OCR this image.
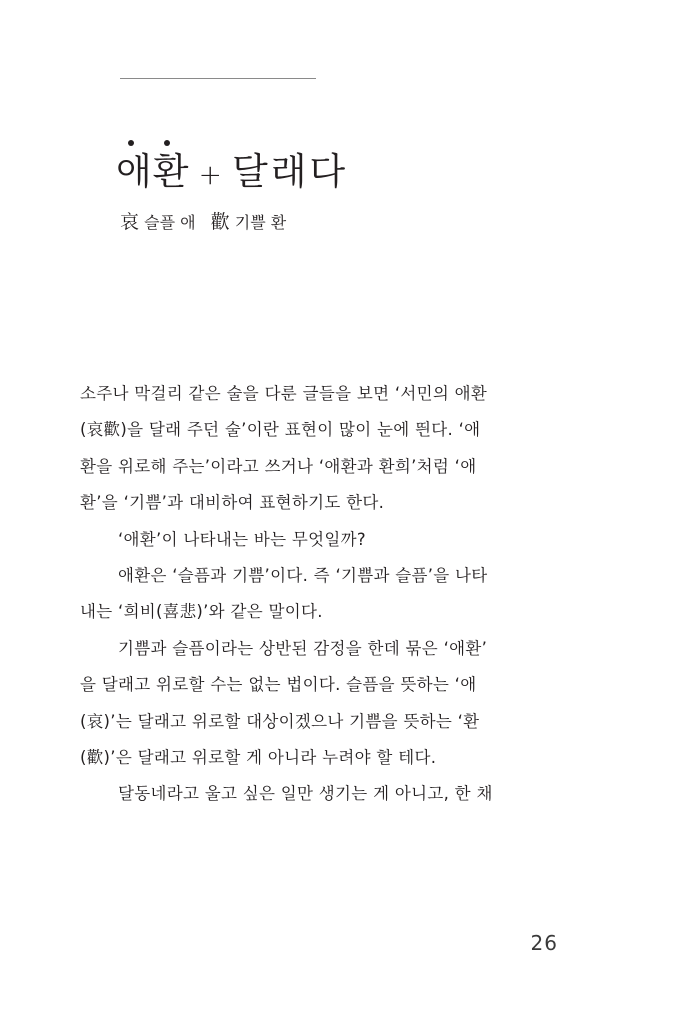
애환 + 달래다
哀 슬플 애 歡 기쁠 환
소주나 막걸리 같은 술을 다룬 글들을 보면 ‘서민의 애환
(哀歡)을 달래 주던 술’이란 표현이 많이 눈에 띈다. ‘애
환을 위로해 주는’이라고 쓰거나 ‘애환과 환희’처럼 ‘애
환’을 ‘기쁨’과 대비하여 표현하기도 한다.
‘애환’이 나타내는 바는 무엇일까?
애환은 ‘슬픔과 기쁨’이다. 즉 ‘기쁨과 슬픔’을 나타
내는 ‘희비(喜悲)’와 같은 말이다.
기쁨과 슬픔이라는 상반된 감정을 한데 묶은 ‘애환’
을 달래고 위로할 수는 없는 법이다. 슬픔을 뜻하는 ‘애
(哀)’는 달래고 위로할 대상이겠으나 기쁨을 뜻하는 ‘환
(歡)’은 달래고 위로할 게 아니라 누려야 할 테다.
달동네라고 울고 싶은 일만 생기는 게 아니고, 한 채
26
